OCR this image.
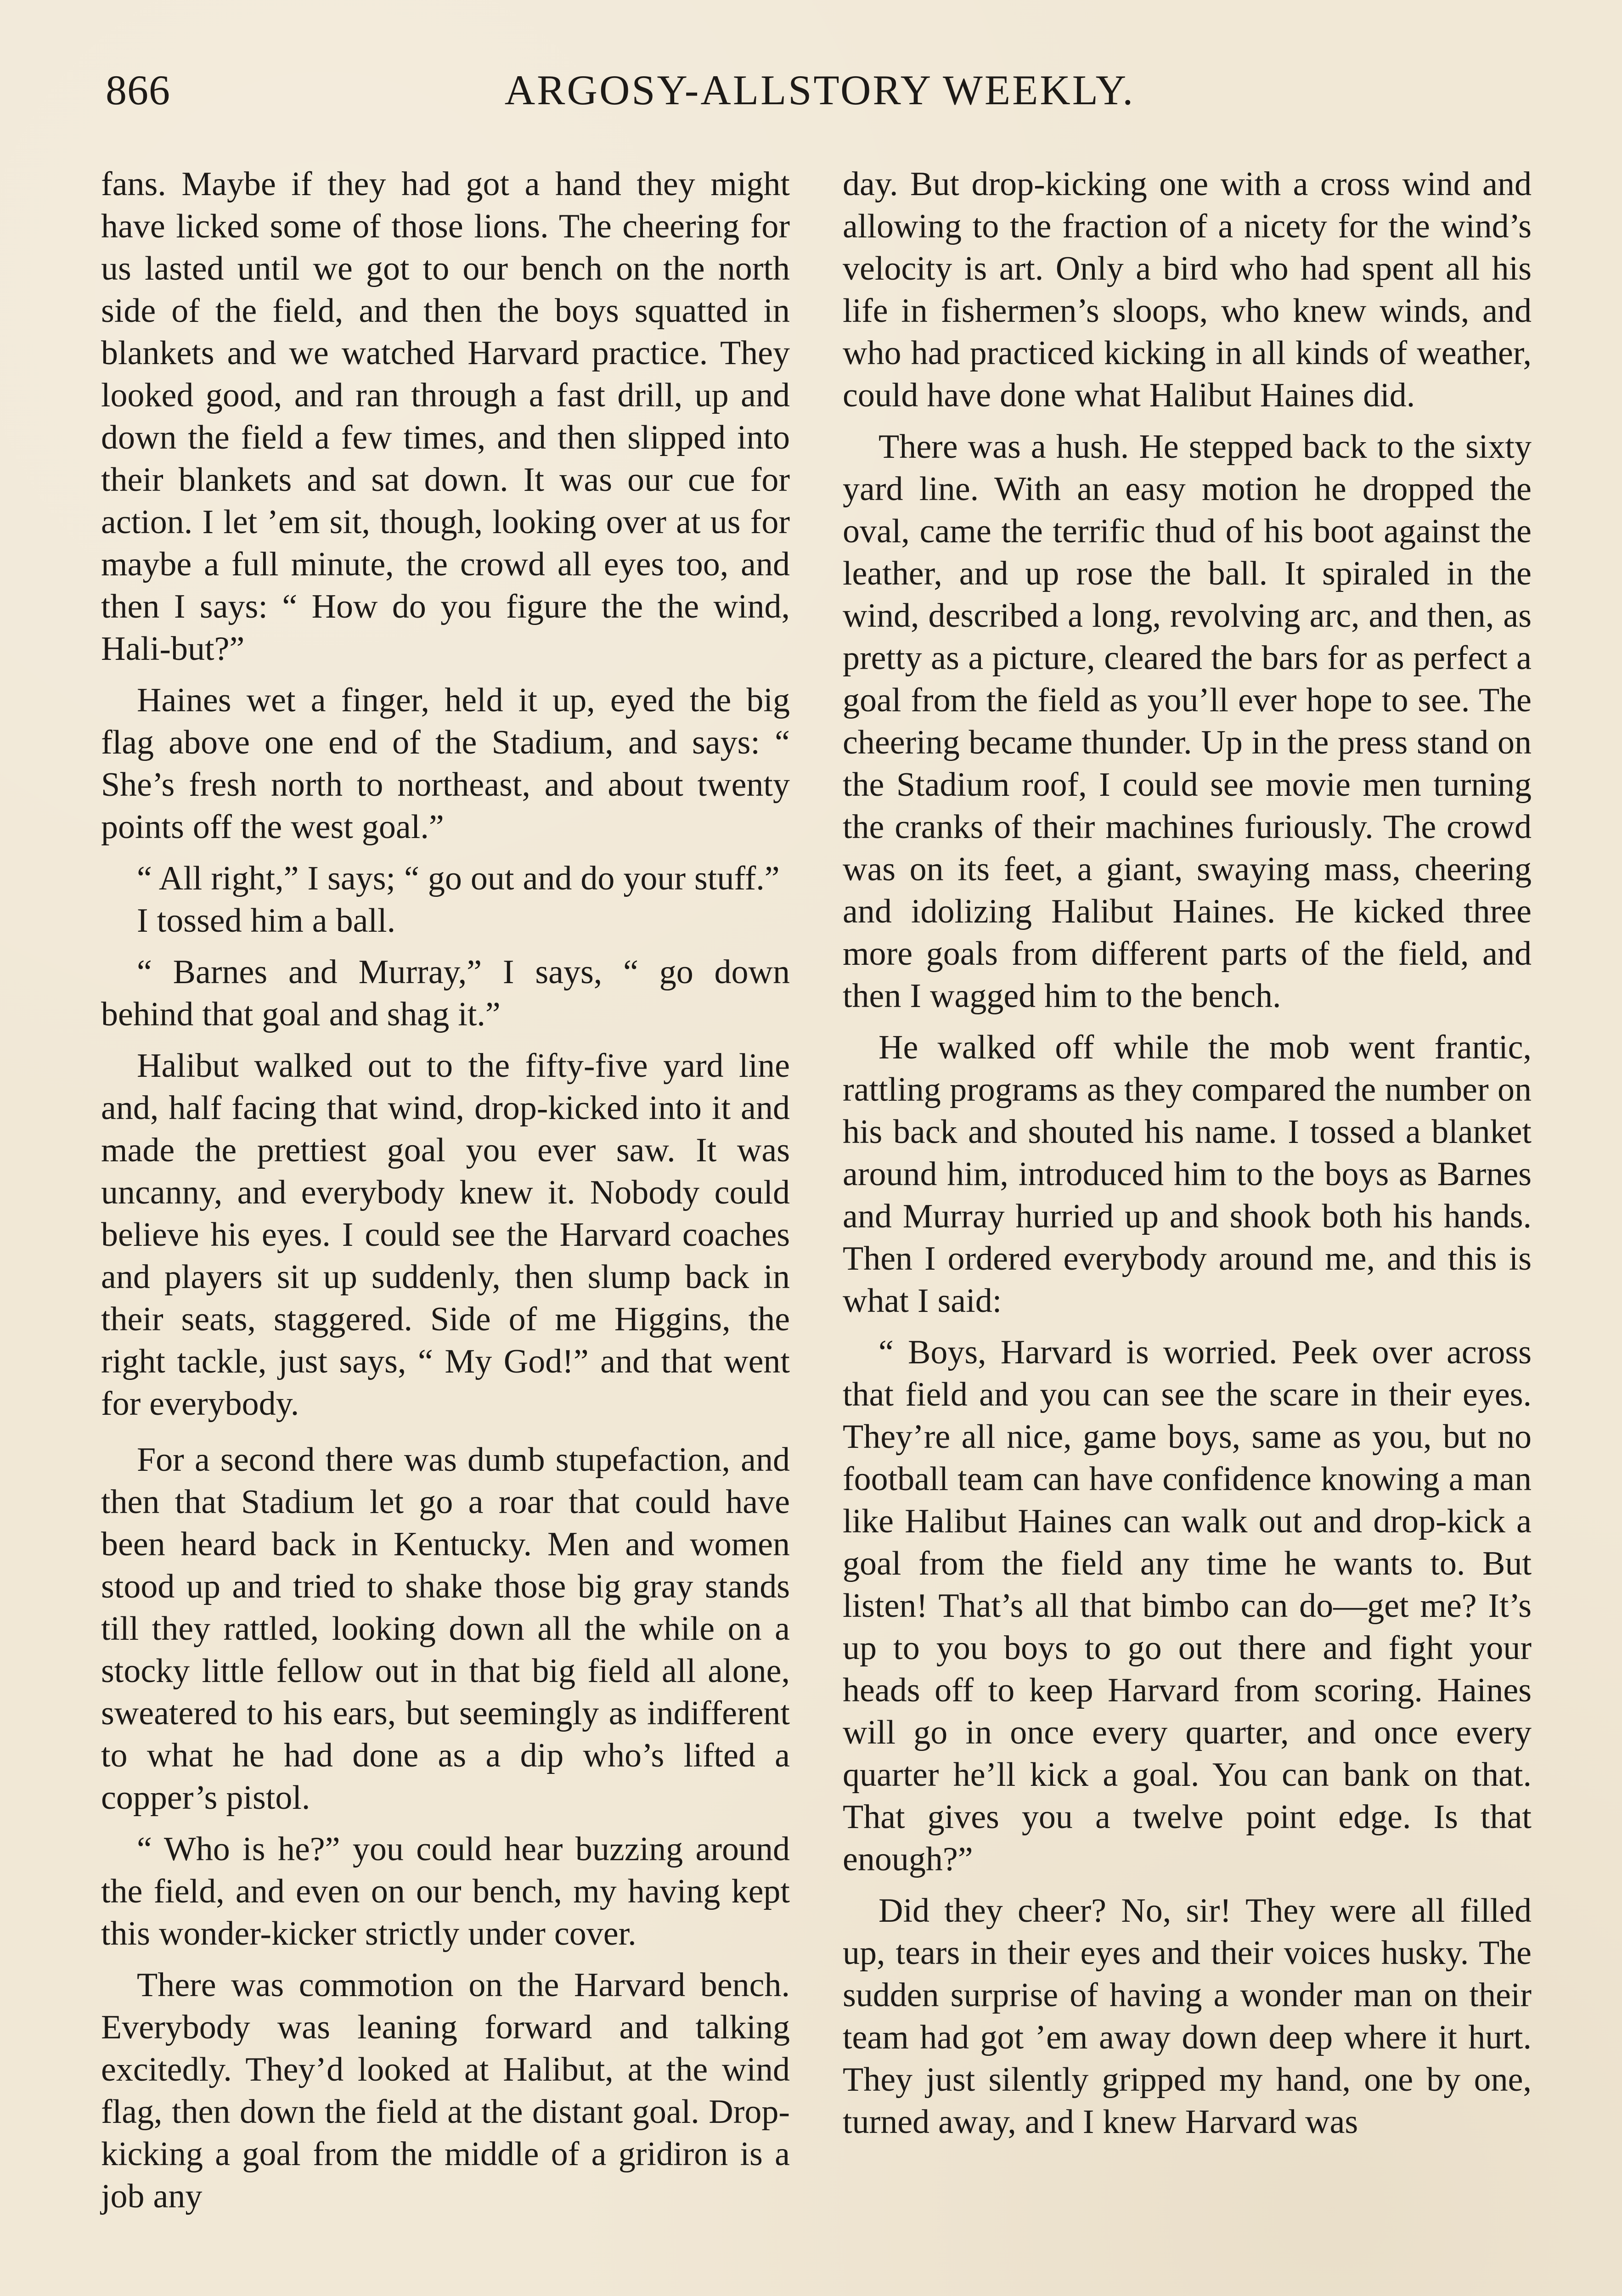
866	ARGOSY-ALLSTORY WEEKLY.

fans. Maybe if they had got a hand they might have licked some of those lions. The cheering for us lasted until we got to our bench on the north side of the field, and then the boys squatted in blankets and we watched Harvard practice. They looked good, and ran through a fast drill, up and down the field a few times, and then slipped into their blankets and sat down. It was our cue for action. I let ’em sit, though, looking over at us for maybe a full minute, the crowd all eyes too, and then I says: “ How do you figure the the wind, Hali-but?”

Haines wet a finger, held it up, eyed the big flag above one end of the Stadium, and says: “ She’s fresh north to northeast, and about twenty points off the west goal.”

“ All right,” I says; “ go out and do your stuff.”

I tossed him a ball.

“ Barnes and Murray,” I says, “ go down behind that goal and shag it.”

Halibut walked out to the fifty-five yard line and, half facing that wind, drop-kicked into it and made the prettiest goal you ever saw. It was uncanny, and everybody knew it. Nobody could believe his eyes. I could see the Harvard coaches and players sit up suddenly, then slump back in their seats, staggered. Side of me Higgins, the right tackle, just says, “ My God!” and that went for everybody.

For a second there was dumb stupefaction, and then that Stadium let go a roar that could have been heard back in Kentucky. Men and women stood up and tried to shake those big gray stands till they rattled, looking down all the while on a stocky little fellow out in that big field all alone, sweatered to his ears, but seemingly as indifferent to what he had done as a dip who’s lifted a copper’s pistol.

“ Who is he?” you could hear buzzing around the field, and even on our bench, my having kept this wonder-kicker strictly under cover.

There was commotion on the Harvard bench. Everybody was leaning forward and talking excitedly. They’d looked at Halibut, at the wind flag, then down the field at the distant goal. Drop-kicking a goal from the middle of a gridiron is a job any

day. But drop-kicking one with a cross wind and allowing to the fraction of a nicety for the wind’s velocity is art. Only a bird who had spent all his life in fishermen’s sloops, who knew winds, and who had practiced kicking in all kinds of weather, could have done what Halibut Haines did.

There was a hush. He stepped back to the sixty yard line. With an easy motion he dropped the oval, came the terrific thud of his boot against the leather, and up rose the ball. It spiraled in the wind, described a long, revolving arc, and then, as pretty as a picture, cleared the bars for as perfect a goal from the field as you’ll ever hope to see. The cheering became thunder. Up in the press stand on the Stadium roof, I could see movie men turning the cranks of their machines furiously. The crowd was on its feet, a giant, swaying mass, cheering and idolizing Halibut Haines. He kicked three more goals from different parts of the field, and then I wagged him to the bench.

He walked off while the mob went frantic, rattling programs as they compared the number on his back and shouted his name. I tossed a blanket around him, introduced him to the boys as Barnes and Murray hurried up and shook both his hands. Then I ordered everybody around me, and this is what I said:

“ Boys, Harvard is worried. Peek over across that field and you can see the scare in their eyes. They’re all nice, game boys, same as you, but no football team can have confidence knowing a man like Halibut Haines can walk out and drop-kick a goal from the field any time he wants to. But listen! That’s all that bimbo can do—get me? It’s up to you boys to go out there and fight your heads off to keep Harvard from scoring. Haines will go in once every quarter, and once every quarter he’ll kick a goal. You can bank on that. That gives you a twelve point edge. Is that enough?”

Did they cheer? No, sir! They were all filled up, tears in their eyes and their voices husky. The sudden surprise of having a wonder man on their team had got ’em away down deep where it hurt. They just silently gripped my hand, one by one, turned away, and I knew Harvard was
